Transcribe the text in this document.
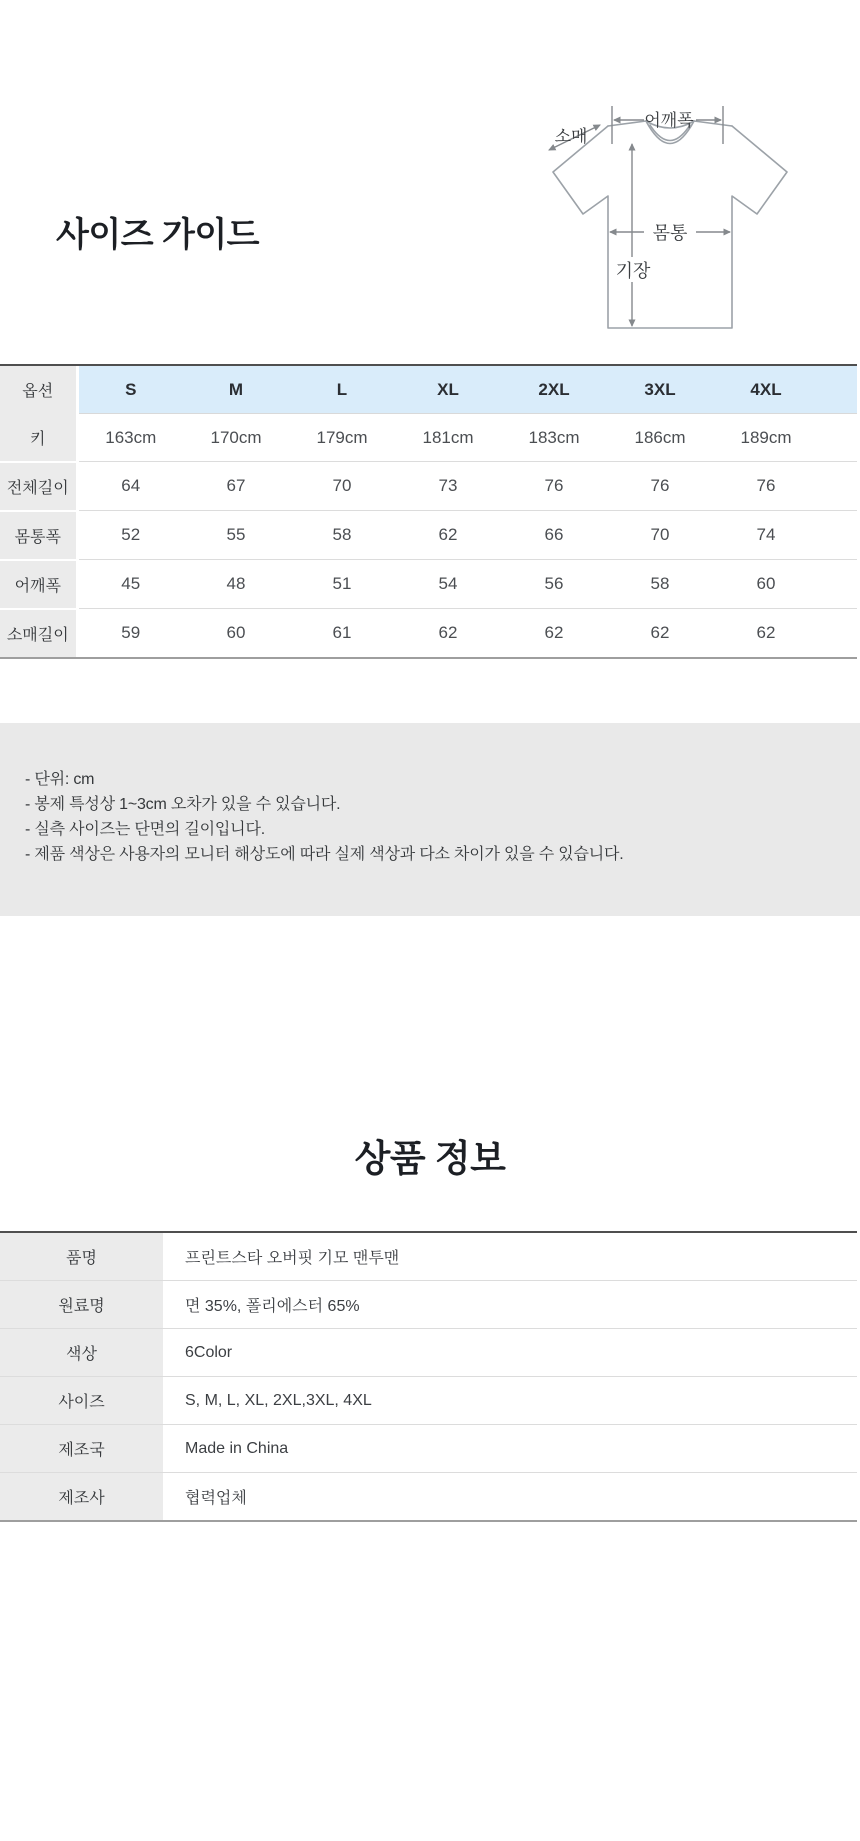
어깨폭
소매
몸통
기장
사이즈 가이드
옵션	S	M	L	XL	2XL	3XL	4XL	
키	163cm	170cm	179cm	181cm	183cm	186cm	189cm	
전체길이	64	67	70	73	76	76	76	
몸통폭	52	55	58	62	66	70	74	
어깨폭	45	48	51	54	56	58	60	
소매길이	59	60	61	62	62	62	62	

- 단위: cm

- 봉제 특성상 1~3cm 오차가 있을 수 있습니다.

- 실측 사이즈는 단면의 길이입니다.

- 제품 색상은 사용자의 모니터 해상도에 따라 실제 색상과 다소 차이가 있을 수 있습니다.

상품 정보
품명	프린트스타 오버핏 기모 맨투맨
원료명	면 35%, 폴리에스터 65%
색상	6Color
사이즈	S, M, L, XL, 2XL,3XL, 4XL
제조국	Made in China
제조사	협력업체
